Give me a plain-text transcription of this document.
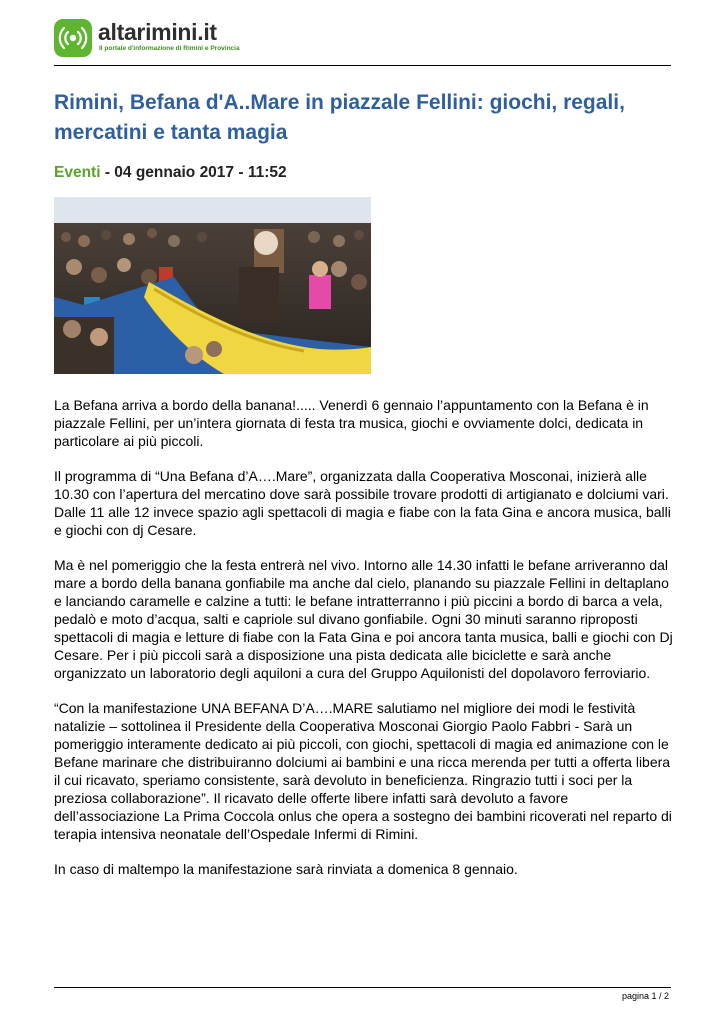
altarimini.it
Il portale d'informazione di Rimini e Provincia
Rimini, Befana d'A..Mare in piazzale Fellini: giochi, regali, mercatini e tanta magia
Eventi - 04 gennaio 2017 - 11:52

La Befana arriva a bordo della banana!..... Venerdì 6 gennaio l’appuntamento con la Befana è in piazzale Fellini, per un’intera giornata di festa tra musica, giochi e ovviamente dolci, dedicata in particolare ai più piccoli.

Il programma di “Una Befana d’A….Mare”, organizzata dalla Cooperativa Mosconai, inizierà alle 10.30 con l’apertura del mercatino dove sarà possibile trovare prodotti di artigianato e dolciumi vari. Dalle 11 alle 12 invece spazio agli spettacoli di magia e fiabe con la fata Gina e ancora musica, balli e giochi con dj Cesare.

Ma è nel pomeriggio che la festa entrerà nel vivo. Intorno alle 14.30 infatti le befane arriveranno dal mare a bordo della banana gonfiabile ma anche dal cielo, planando su piazzale Fellini in deltaplano e lanciando caramelle e calzine a tutti: le befane intratterranno i più piccini a bordo di barca a vela, pedalò e moto d’acqua, salti e capriole sul divano gonfiabile. Ogni 30 minuti saranno riproposti spettacoli di magia e letture di fiabe con la Fata Gina e poi ancora tanta musica, balli e giochi con Dj Cesare. Per i più piccoli sarà a disposizione una pista dedicata alle biciclette e sarà anche organizzato un laboratorio degli aquiloni a cura del Gruppo Aquilonisti del dopolavoro ferroviario.

“Con la manifestazione UNA BEFANA D’A….MARE salutiamo nel migliore dei modi le festività natalizie – sottolinea il Presidente della Cooperativa Mosconai Giorgio Paolo Fabbri - Sarà un pomeriggio interamente dedicato ai più piccoli, con giochi, spettacoli di magia ed animazione con le Befane marinare che distribuiranno dolciumi ai bambini e una ricca merenda per tutti a offerta libera il cui ricavato, speriamo consistente, sarà devoluto in beneficienza. Ringrazio tutti i soci per la preziosa collaborazione”. Il ricavato delle offerte libere infatti sarà devoluto a favore dell’associazione La Prima Coccola onlus che opera a sostegno dei bambini ricoverati nel reparto di terapia intensiva neonatale dell’Ospedale Infermi di Rimini.

In caso di maltempo la manifestazione sarà rinviata a domenica 8 gennaio.

pagina 1 / 2
